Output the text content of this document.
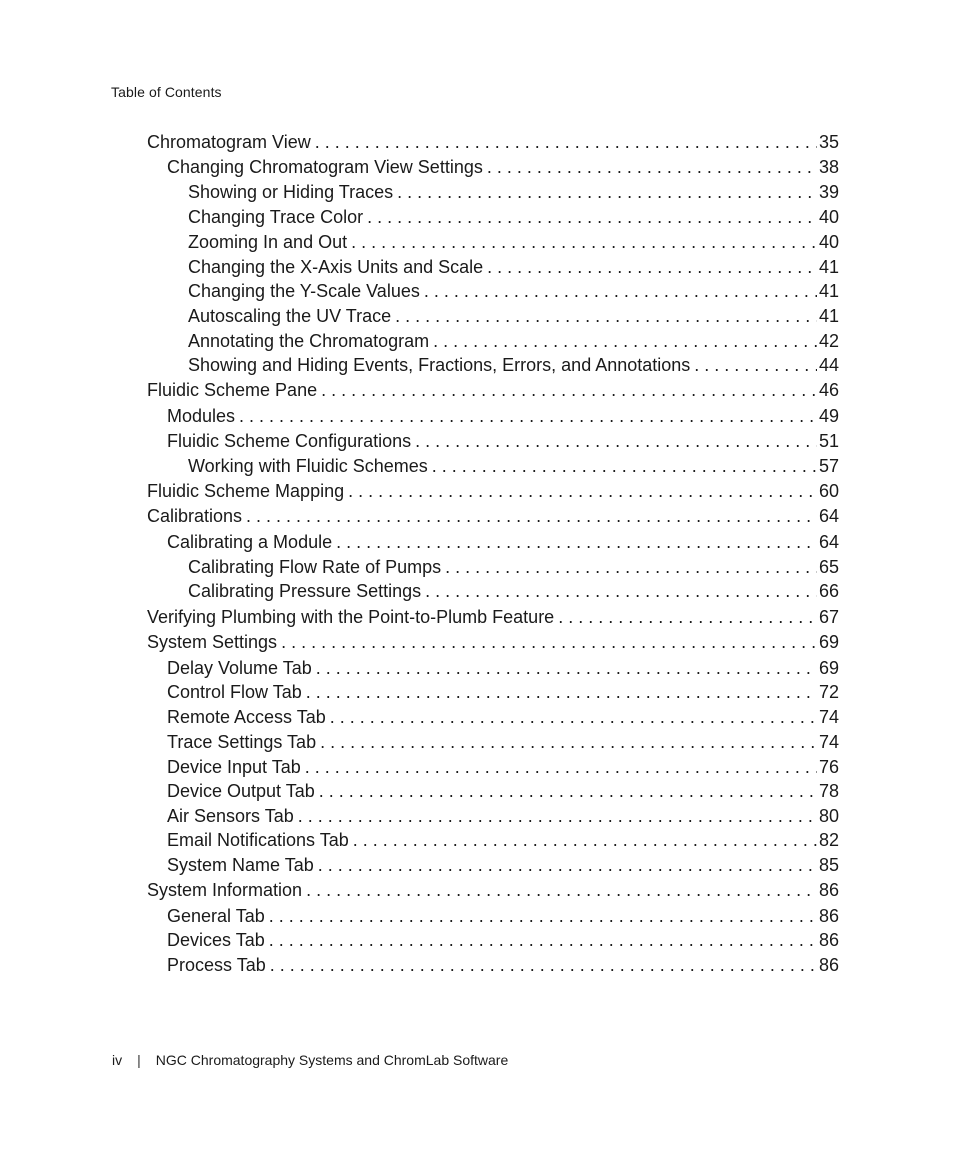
Table of Contents
Chromatogram View . . .	35
Changing Chromatogram View Settings . . .	38
Showing or Hiding Traces . . .	39
Changing Trace Color . . .	40
Zooming In and Out . . .	40
Changing the X-Axis Units and Scale . . .	41
Changing the Y-Scale Values . . .	41
Autoscaling the UV Trace . . .	41
Annotating the Chromatogram . . .	42
Showing and Hiding Events, Fractions, Errors, and Annotations . . .	44
Fluidic Scheme Pane . . .	46
Modules . . .	49
Fluidic Scheme Configurations . . .	51
Working with Fluidic Schemes . . .	57
Fluidic Scheme Mapping . . .	60
Calibrations . . .	64
Calibrating a Module . . .	64
Calibrating Flow Rate of Pumps . . .	65
Calibrating Pressure Settings . . .	66
Verifying Plumbing with the Point-to-Plumb Feature . . .	67
System Settings . . .	69
Delay Volume Tab . . .	69
Control Flow Tab . . .	72
Remote Access Tab . . .	74
Trace Settings Tab . . .	74
Device Input Tab . . .	76
Device Output Tab . . .	78
Air Sensors Tab . . .	80
Email Notifications Tab . . .	82
System Name Tab . . .	85
System Information . . .	86
General Tab . . .	86
Devices Tab . . .	86
Process Tab . . .	86
iv | NGC Chromatography Systems and ChromLab Software
